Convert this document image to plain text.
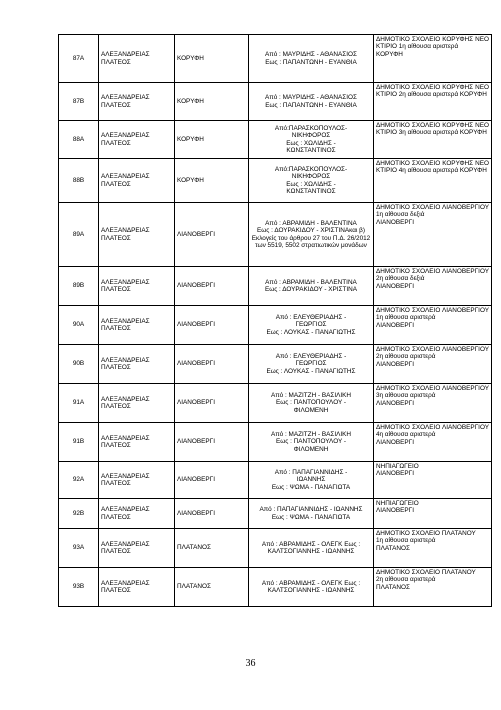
87Α	ΑΛΕΞΑΝΔΡΕΙΑΣ ΠΛΑΤΕΟΣ	ΚΟΡΥΦΗ	Από : ΜΑΥΡΙΔΗΣ - ΑΘΑΝΑΣΙΟΣ
Εως : ΠΑΠΑΝΤΩΝΗ - ΕΥΑΝΘΙΑ	ΔΗΜΟΤΙΚΟ ΣΧΟΛΕΙΟ ΚΟΡΥΦΗΣ ΝΕΟ ΚΤΙΡΙΟ 1η αίθουσα αριστερά
ΚΟΡΥΦΗ
87Β	ΑΛΕΞΑΝΔΡΕΙΑΣ ΠΛΑΤΕΟΣ	ΚΟΡΥΦΗ	Από : ΜΑΥΡΙΔΗΣ - ΑΘΑΝΑΣΙΟΣ
Εως : ΠΑΠΑΝΤΩΝΗ - ΕΥΑΝΘΙΑ	ΔΗΜΟΤΙΚΟ ΣΧΟΛΕΙΟ ΚΟΡΥΦΗΣ ΝΕΟ ΚΤΙΡΙΟ 2η αίθουσα αριστερά ΚΟΡΥΦΗ
88Α	ΑΛΕΞΑΝΔΡΕΙΑΣ ΠΛΑΤΕΟΣ	ΚΟΡΥΦΗ	Από:ΠΑΡΑΣΚΟΠΟΥΛΟΣ-
ΝΙΚΗΦΟΡΟΣ
Εως : ΧΩΛΙΔΗΣ -
ΚΩΝΣΤΑΝΤΙΝΟΣ	ΔΗΜΟΤΙΚΟ ΣΧΟΛΕΙΟ ΚΟΡΥΦΗΣ ΝΕΟ ΚΤΙΡΙΟ 3η αίθουσα αριστερά ΚΟΡΥΦΗ
88Β	ΑΛΕΞΑΝΔΡΕΙΑΣ ΠΛΑΤΕΟΣ	ΚΟΡΥΦΗ	Από:ΠΑΡΑΣΚΟΠΟΥΛΟΣ-
ΝΙΚΗΦΟΡΟΣ
Εως : ΧΩΛΙΔΗΣ -
ΚΩΝΣΤΑΝΤΙΝΟΣ	ΔΗΜΟΤΙΚΟ ΣΧΟΛΕΙΟ ΚΟΡΥΦΗΣ ΝΕΟ ΚΤΙΡΙΟ 4η αίθουσα αριστερά ΚΟΡΥΦΗ
89Α	ΑΛΕΞΑΝΔΡΕΙΑΣ ΠΛΑΤΕΟΣ	ΛΙΑΝΟΒΕΡΓΙ	Από : ΑΒΡΑΜΙΔΗ - ΒΑΛΕΝΤΙΝΑ
Εως : ΔΟΥΡΑΚΙΔΟΥ - ΧΡΙΣΤΙΝΑκαι β) Εκλογείς του άρθρου 27 του Π.Δ. 26/2012 των 5519, 5502 στρατιωτικών μονάδων	ΔΗΜΟΤΙΚΟ ΣΧΟΛΕΙΟ ΛΙΑΝΟΒΕΡΓΙΟΥ 1η αίθουσα δεξιά
ΛΙΑΝΟΒΕΡΓΙ
89Β	ΑΛΕΞΑΝΔΡΕΙΑΣ ΠΛΑΤΕΟΣ	ΛΙΑΝΟΒΕΡΓΙ	Από : ΑΒΡΑΜΙΔΗ - ΒΑΛΕΝΤΙΝΑ
Εως : ΔΟΥΡΑΚΙΔΟΥ - ΧΡΙΣΤΙΝΑ	ΔΗΜΟΤΙΚΟ ΣΧΟΛΕΙΟ ΛΙΑΝΟΒΕΡΓΙΟΥ 2η αίθουσα δεξιά
ΛΙΑΝΟΒΕΡΓΙ
90Α	ΑΛΕΞΑΝΔΡΕΙΑΣ ΠΛΑΤΕΟΣ	ΛΙΑΝΟΒΕΡΓΙ	Από : ΕΛΕΥΘΕΡΙΑΔΗΣ -
ΓΕΩΡΓΙΟΣ
Εως : ΛΟΥΚΑΣ - ΠΑΝΑΓΙΩΤΗΣ	ΔΗΜΟΤΙΚΟ ΣΧΟΛΕΙΟ ΛΙΑΝΟΒΕΡΓΙΟΥ 1η αίθουσα αριστερά
ΛΙΑΝΟΒΕΡΓΙ
90Β	ΑΛΕΞΑΝΔΡΕΙΑΣ ΠΛΑΤΕΟΣ	ΛΙΑΝΟΒΕΡΓΙ	Από : ΕΛΕΥΘΕΡΙΑΔΗΣ -
ΓΕΩΡΓΙΟΣ
Εως : ΛΟΥΚΑΣ - ΠΑΝΑΓΙΩΤΗΣ	ΔΗΜΟΤΙΚΟ ΣΧΟΛΕΙΟ ΛΙΑΝΟΒΕΡΓΙΟΥ 2η αίθουσα αριστερά
ΛΙΑΝΟΒΕΡΓΙ
91Α	ΑΛΕΞΑΝΔΡΕΙΑΣ ΠΛΑΤΕΟΣ	ΛΙΑΝΟΒΕΡΓΙ	Από : ΜΑΖΙΤΖΗ - ΒΑΣΙΛΙΚΗ
Εως : ΠΑΝΤΟΠΟΥΛΟΥ -
ΦΙΛΟΜΕΝΗ	ΔΗΜΟΤΙΚΟ ΣΧΟΛΕΙΟ ΛΙΑΝΟΒΕΡΓΙΟΥ 3η αίθουσα αριστερά
ΛΙΑΝΟΒΕΡΓΙ
91Β	ΑΛΕΞΑΝΔΡΕΙΑΣ ΠΛΑΤΕΟΣ	ΛΙΑΝΟΒΕΡΓΙ	Από : ΜΑΖΙΤΖΗ - ΒΑΣΙΛΙΚΗ
Εως : ΠΑΝΤΟΠΟΥΛΟΥ -
ΦΙΛΟΜΕΝΗ	ΔΗΜΟΤΙΚΟ ΣΧΟΛΕΙΟ ΛΙΑΝΟΒΕΡΓΙΟΥ 4η αίθουσα αριστερά
ΛΙΑΝΟΒΕΡΓΙ
92Α	ΑΛΕΞΑΝΔΡΕΙΑΣ ΠΛΑΤΕΟΣ	ΛΙΑΝΟΒΕΡΓΙ	Από : ΠΑΠΑΓΙΑΝΝΙΔΗΣ -
ΙΩΑΝΝΗΣ
Εως : ΨΩΜΑ - ΠΑΝΑΓΙΩΤΑ	ΝΗΠΙΑΓΩΓΕΙΟ
ΛΙΑΝΟΒΕΡΓΙ
92Β	ΑΛΕΞΑΝΔΡΕΙΑΣ ΠΛΑΤΕΟΣ	ΛΙΑΝΟΒΕΡΓΙ	Από : ΠΑΠΑΓΙΑΝΝΙΔΗΣ - ΙΩΑΝΝΗΣ
Εως : ΨΩΜΑ - ΠΑΝΑΓΙΩΤΑ	ΝΗΠΙΑΓΩΓΕΙΟ
ΛΙΑΝΟΒΕΡΓΙ
93Α	ΑΛΕΞΑΝΔΡΕΙΑΣ ΠΛΑΤΕΟΣ	ΠΛΑΤΑΝΟΣ	Από : ΑΒΡΑΜΙΔΗΣ - ΟΛΕΓΚ Εως :
ΚΑΛΤΣΟΓΙΑΝΝΗΣ - ΙΩΑΝΝΗΣ	ΔΗΜΟΤΙΚΟ ΣΧΟΛΕΙΟ ΠΛΑΤΑΝΟΥ
1η αίθουσα αριστερά
ΠΛΑΤΑΝΟΣ
93Β	ΑΛΕΞΑΝΔΡΕΙΑΣ ΠΛΑΤΕΟΣ	ΠΛΑΤΑΝΟΣ	Από : ΑΒΡΑΜΙΔΗΣ - ΟΛΕΓΚ Εως :
ΚΑΛΤΣΟΓΙΑΝΝΗΣ - ΙΩΑΝΝΗΣ	ΔΗΜΟΤΙΚΟ ΣΧΟΛΕΙΟ ΠΛΑΤΑΝΟΥ
2η αίθουσα αριστερά
ΠΛΑΤΑΝΟΣ
36
